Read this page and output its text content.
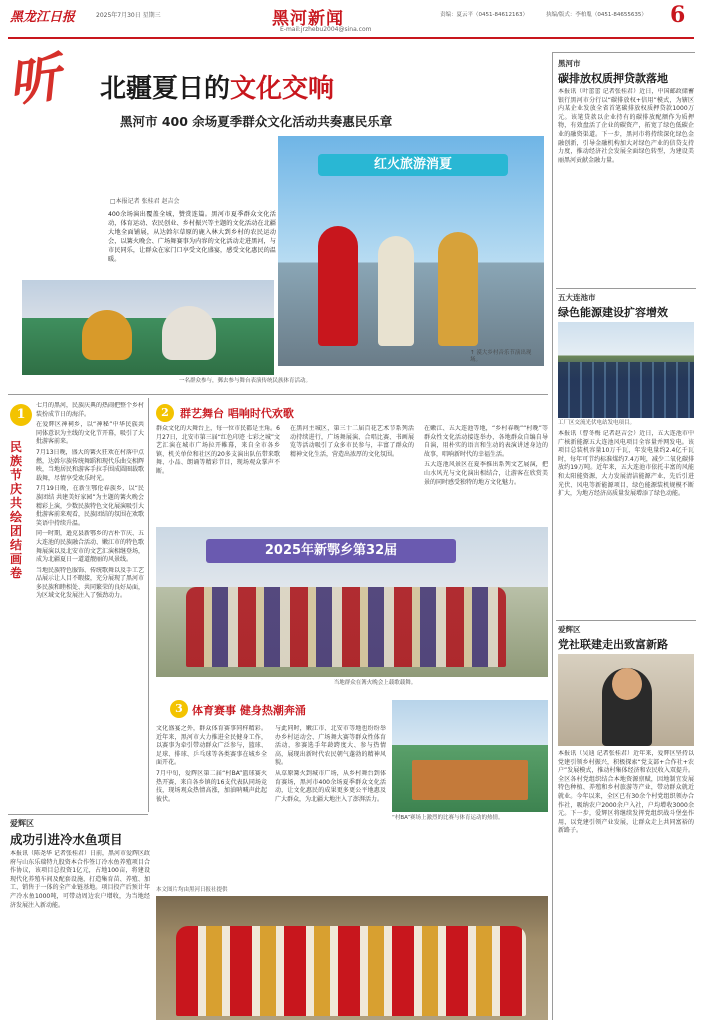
黑龙江日报	2025年7月30日 星期三	黑河新闻
E-mail:jrzhebu2004@sina.com
责编：夏云平（0451-84612163）	执编/版式：李柏胤（0451-84655635） 6
听	北疆夏日的文化交响
黑河市 400 余场夏季群众文化活动共奏惠民乐章
□本报记者 张桂君 赵吉会
400余场演出覆盖全城，赞赏连篇。黑河市夏季群众文化活动，体育运动、农民创业、乡村振兴等主题的文化活动在北疆大地全面铺展，从达斡尔草原的鹿入林大到乡村的农民运动会，以篝火晚会、广场舞赛事为内容的文化活动走进黑河，与市民同乐，让群众在家门口享受文化盛宴，感受文化惠民的温暖。
一名群众参与，郵去参与舞台表演传统民族体育活动。
红火旅游消夏
↑ 漠大乡村音乐节演出现场。
1
民族节庆 共绘团结画卷

七月的黑河，民族庆典的热闹把整个乡村装扮成节日的海洋。

在爱辉区神祠乡，以“神秘”中华民族共同体意识为主线的文化节开幕，吸引了大批游客前来。

7月13日晚，盛大的篝火狂欢在村落中点燃，达斡尔族传统舞蹈和现代乐曲交相辉映，当地居民和游客手拉手围成圆圈载歌载舞，尽情享受欢乐时光。

7月19日晚，在新生鄂伦春族乡，以“民族团结 共建美好家园”为主题的篝火晚会精彩上演，少数民族特色文化展演吸引大批游客前来观看，民族团结的氛围在欢歌笑语中持续升温。

同一时期，逊克县新鄂乡的古朴节庆、五大连池的民族融合活动、嫩江市的特色歌舞展演以及北安市的文艺汇演相继登场，成为北疆夏日一道道靓丽的风景线。

当地民族特色服饰、传统歌舞以及手工艺品展示让人目不暇接，充分展现了黑河市多民族和睦相处、共同繁荣的良好局面，为区域文化发展注入了强劲动力。

2	群艺舞台 唱响时代欢歌

群众文化的大舞台上，每一位市民都是主角。6月27日，北安市第三届“红色印迹 七彩之城”文艺汇演在城市广场拉开帷幕，来自全市各乡镇、机关单位和社区的20多支演出队伍带来歌舞、小品、朗诵等精彩节目，现场观众掌声不断。

在黑河主城区，第三十二届百花艺术节系列活动持续进行，广场舞展演、合唱比赛、书画展览等活动吸引了众多市民参与，丰富了群众的精神文化生活，营造出浓厚的文化氛围。

在嫩江、五大连池等地，“乡村春晚”“村晚”等群众性文化活动接连举办，各地群众自编自导自演，用朴实的语言和生动的表演讲述身边的故事，唱响新时代的幸福生活。

五大连池风景区在夏季推出系列文艺展演，把山水风光与文化演出相结合，让游客在欣赏美景的同时感受独特的地方文化魅力。

2025年新鄂乡第32届
当地群众在篝火晚会上载歌载舞。
3 体育赛事 健身热潮奔涌

文化盛宴之外，群众体育赛事同样精彩。近年来，黑河市大力推进全民健身工作，以赛事为牵引带动群众广泛参与，篮球、足球、排球、乒乓球等各类赛事在城乡全面开花。

7月中旬，爱辉区第二届“村BA”篮球赛火热开赛，来自各乡镇的16支代表队同场竞技，现场观众热情高涨，加油呐喊声此起彼伏。

与此同时，嫩江市、北安市等地也纷纷举办乡村运动会、广场舞大赛等群众性体育活动，参赛选手年龄跨度大、参与热情高，展现出新时代农民朝气蓬勃的精神风貌。

从草原篝火到城市广场，从乡村舞台到体育赛场，黑河市400余场夏季群众文化活动，让文化惠民的成果更多更公平地惠及广大群众，为北疆大地注入了澎湃活力。

“村BA”赛场上激烈的比赛与体育运动的热情。
本文图片均由黑河日报社提供
爱辉区
成功引进冷水鱼项目
本报讯（陈尧华 记者张桂君）日前，黑河市爱辉区政府与山东乐瑞特九股资本合作签订冷水鱼养殖项目合作协议，该项目总投资1亿元，占地100亩，将建设现代化养殖车间及配套设施，打造集育苗、养殖、加工、销售于一体的全产业链基地。项目投产后预计年产冷水鱼1000吨，可带动周边农户增收，为当地经济发展注入新动能。
黑河市
碳排放权质押贷款落地
本报讯（叶蕾蕾 记者张桂君）近日，中国邮政储蓄银行黑河市分行以“碳排放权+信用”模式，为辖区内某企业发放全省首笔碳排放权质押贷款1000万元。该笔贷款以企业持有的碳排放配额作为质押物，有效盘活了企业的碳资产，拓宽了绿色低碳企业的融资渠道。下一步，黑河市将持续深化绿色金融创新，引导金融机构加大对绿色产业的信贷支持力度，推动经济社会发展全面绿色转型，为建设美丽黑河贡献金融力量。
五大连池市
绿色能源建设扩容增效
工厂区交流光伏电站发电项目。
本报讯（曹冬梅 记者赵吉会）近日，五大连池市中广核新能源五大连池风电项目全容量并网发电。该项目总装机容量10万千瓦，年发电量约2.4亿千瓦时，每年可节约标准煤约7.4万吨，减少二氧化碳排放约19万吨。近年来，五大连池市依托丰富的风能和太阳能资源，大力发展清洁能源产业，先后引进光伏、风电等新能源项目，绿色能源装机规模不断扩大，为地方经济高质量发展增添了绿色动能。
爱辉区
党社联建走出致富新路
本报讯（吴迪 记者张桂君）近年来，爱辉区坚持以党建引领乡村振兴，积极探索“党支部+合作社+农户”发展模式，推动村集体经济和农民收入双提升。全区各村党组织结合本地资源禀赋，因地制宜发展特色种植、养殖和乡村旅游等产业，带动群众就近就业。今年以来，全区已有30余个村党组织领办合作社，吸纳农户2000余户入社，户均增收3000余元。下一步，爱辉区将继续发挥党组织战斗堡垒作用，以党建引领产业发展，让群众走上共同富裕的新路子。
